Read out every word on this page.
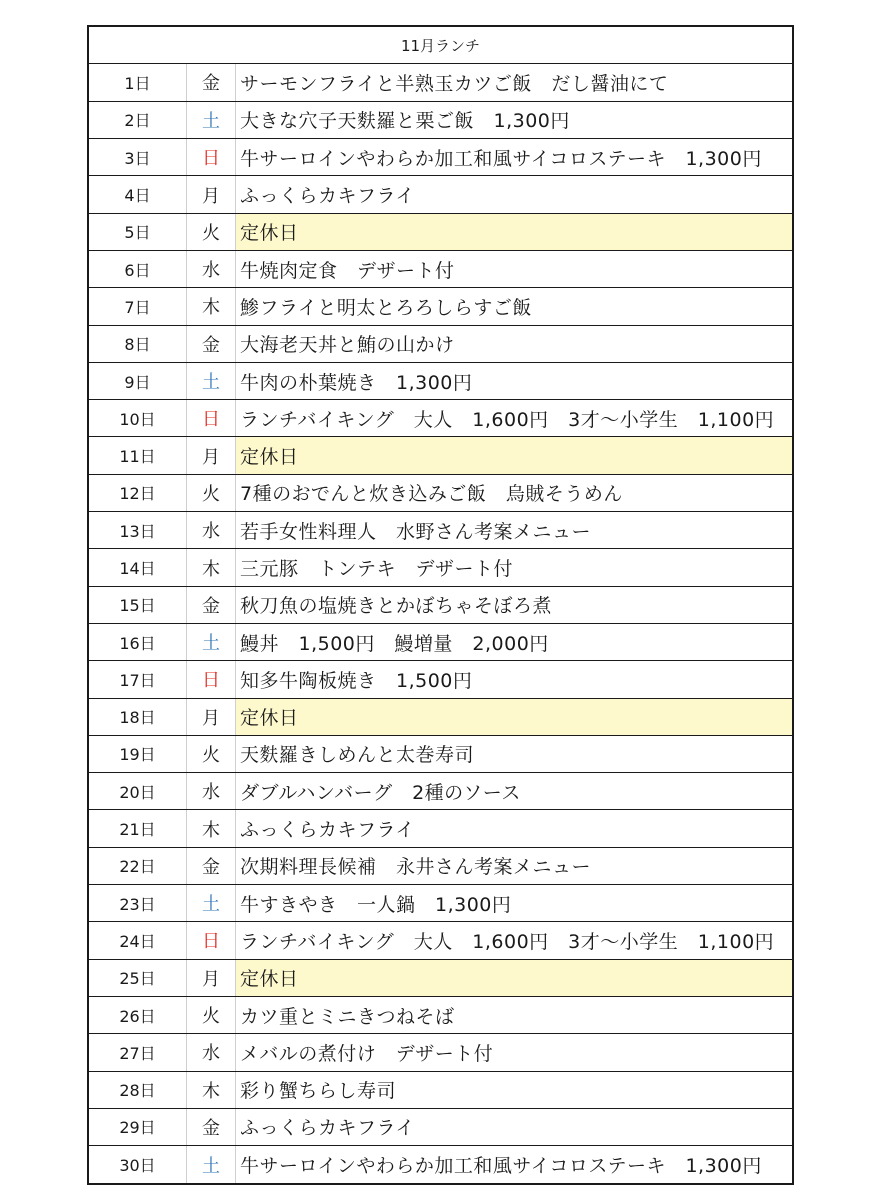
11月ランチ
1日	金	サーモンフライと半熟玉カツご飯　だし醤油にて
2日	土	大きな穴子天麩羅と栗ご飯　1,300円
3日	日	牛サーロインやわらか加工和風サイコロステーキ　1,300円
4日	月	ふっくらカキフライ
5日	火	定休日
6日	水	牛焼肉定食　デザート付
7日	木	鯵フライと明太とろろしらすご飯
8日	金	大海老天丼と鮪の山かけ
9日	土	牛肉の朴葉焼き　1,300円
10日	日	ランチバイキング　大人　1,600円　3才～小学生　1,100円
11日	月	定休日
12日	火	7種のおでんと炊き込みご飯　烏賊そうめん
13日	水	若手女性料理人　水野さん考案メニュー
14日	木	三元豚　トンテキ　デザート付
15日	金	秋刀魚の塩焼きとかぼちゃそぼろ煮
16日	土	鰻丼　1,500円　鰻増量　2,000円
17日	日	知多牛陶板焼き　1,500円
18日	月	定休日
19日	火	天麩羅きしめんと太巻寿司
20日	水	ダブルハンバーグ　2種のソース
21日	木	ふっくらカキフライ
22日	金	次期料理長候補　永井さん考案メニュー
23日	土	牛すきやき　一人鍋　1,300円
24日	日	ランチバイキング　大人　1,600円　3才～小学生　1,100円
25日	月	定休日
26日	火	カツ重とミニきつねそば
27日	水	メバルの煮付け　デザート付
28日	木	彩り蟹ちらし寿司
29日	金	ふっくらカキフライ
30日	土	牛サーロインやわらか加工和風サイコロステーキ　1,300円
